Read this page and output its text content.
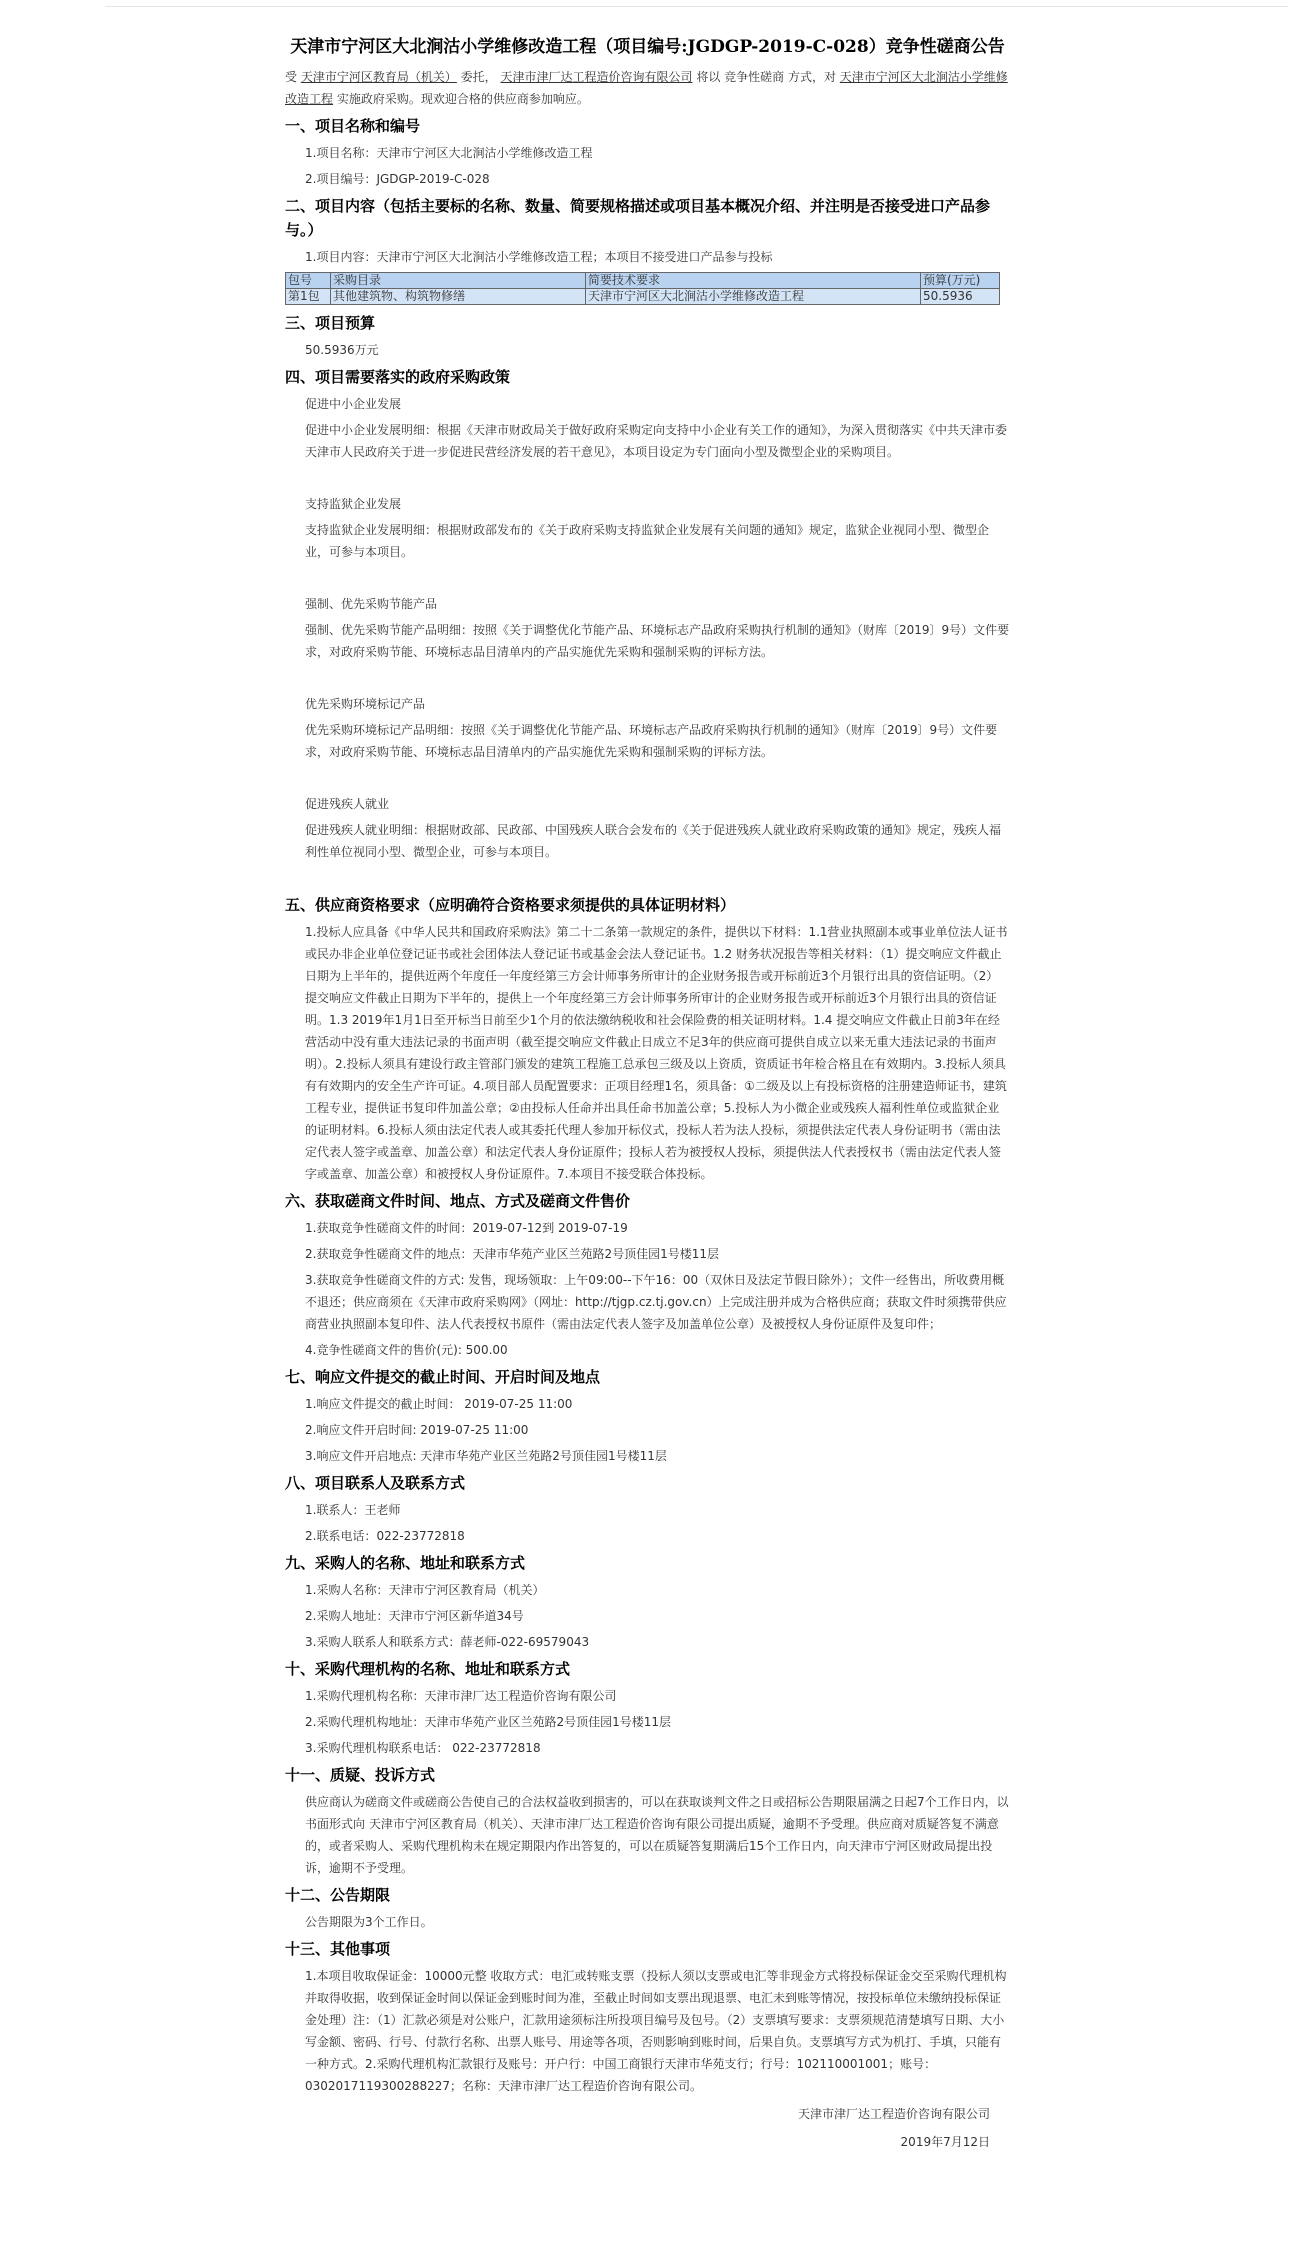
天津市宁河区大北涧沽小学维修改造工程（项目编号:JGDGP-2019-C-028）竞争性磋商公告

受 天津市宁河区教育局（机关） 委托， 天津市津厂达工程造价咨询有限公司 将以 竞争性磋商 方式，对 天津市宁河区大北涧沽小学维修改造工程 实施政府采购。现欢迎合格的供应商参加响应。

一、项目名称和编号

1.项目名称：天津市宁河区大北涧沽小学维修改造工程

2.项目编号：JGDGP-2019-C-028

二、项目内容（包括主要标的名称、数量、简要规格描述或项目基本概况介绍、并注明是否接受进口产品参与。）

1.项目内容：天津市宁河区大北涧沽小学维修改造工程；本项目不接受进口产品参与投标

包号	采购目录	简要技术要求	预算(万元)
第1包	其他建筑物、构筑物修缮	天津市宁河区大北涧沽小学维修改造工程	50.5936
三、项目预算

50.5936万元

四、项目需要落实的政府采购政策

促进中小企业发展

促进中小企业发展明细：根据《天津市财政局关于做好政府采购定向支持中小企业有关工作的通知》，为深入贯彻落实《中共天津市委天津市人民政府关于进一步促进民营经济发展的若干意见》，本项目设定为专门面向小型及微型企业的采购项目。

支持监狱企业发展

支持监狱企业发展明细：根据财政部发布的《关于政府采购支持监狱企业发展有关问题的通知》规定，监狱企业视同小型、微型企业，可参与本项目。

强制、优先采购节能产品

强制、优先采购节能产品明细：按照《关于调整优化节能产品、环境标志产品政府采购执行机制的通知》（财库〔2019〕9号）文件要求，对政府采购节能、环境标志品目清单内的产品实施优先采购和强制采购的评标方法。

优先采购环境标记产品

优先采购环境标记产品明细：按照《关于调整优化节能产品、环境标志产品政府采购执行机制的通知》（财库〔2019〕9号）文件要求，对政府采购节能、环境标志品目清单内的产品实施优先采购和强制采购的评标方法。

促进残疾人就业

促进残疾人就业明细：根据财政部、民政部、中国残疾人联合会发布的《关于促进残疾人就业政府采购政策的通知》规定，残疾人福利性单位视同小型、微型企业，可参与本项目。

五、供应商资格要求（应明确符合资格要求须提供的具体证明材料）

1.投标人应具备《中华人民共和国政府采购法》第二十二条第一款规定的条件，提供以下材料：1.1营业执照副本或事业单位法人证书或民办非企业单位登记证书或社会团体法人登记证书或基金会法人登记证书。1.2 财务状况报告等相关材料：（1）提交响应文件截止日期为上半年的，提供近两个年度任一年度经第三方会计师事务所审计的企业财务报告或开标前近3个月银行出具的资信证明。（2）提交响应文件截止日期为下半年的，提供上一个年度经第三方会计师事务所审计的企业财务报告或开标前近3个月银行出具的资信证明。1.3 2019年1月1日至开标当日前至少1个月的依法缴纳税收和社会保险费的相关证明材料。1.4 提交响应文件截止日前3年在经营活动中没有重大违法记录的书面声明（截至提交响应文件截止日成立不足3年的供应商可提供自成立以来无重大违法记录的书面声明）。2.投标人须具有建设行政主管部门颁发的建筑工程施工总承包三级及以上资质，资质证书年检合格且在有效期内。3.投标人须具有有效期内的安全生产许可证。4.项目部人员配置要求：正项目经理1名，须具备：①二级及以上有投标资格的注册建造师证书，建筑工程专业，提供证书复印件加盖公章；②由投标人任命并出具任命书加盖公章；5.投标人为小微企业或残疾人福利性单位或监狱企业的证明材料。6.投标人须由法定代表人或其委托代理人参加开标仪式，投标人若为法人投标，须提供法定代表人身份证明书（需由法定代表人签字或盖章、加盖公章）和法定代表人身份证原件；投标人若为被授权人投标，须提供法人代表授权书（需由法定代表人签字或盖章、加盖公章）和被授权人身份证原件。7.本项目不接受联合体投标。

六、获取磋商文件时间、地点、方式及磋商文件售价

1.获取竞争性磋商文件的时间：2019-07-12到 2019-07-19

2.获取竞争性磋商文件的地点：天津市华苑产业区兰苑路2号顶佳园1号楼11层

3.获取竞争性磋商文件的方式: 发售，现场领取：上午09:00--下午16：00（双休日及法定节假日除外）；文件一经售出，所收费用概不退还；供应商须在《天津市政府采购网》（网址：http://tjgp.cz.tj.gov.cn）上完成注册并成为合格供应商；获取文件时须携带供应商营业执照副本复印件、法人代表授权书原件（需由法定代表人签字及加盖单位公章）及被授权人身份证原件及复印件；

4.竞争性磋商文件的售价(元): 500.00

七、响应文件提交的截止时间、开启时间及地点

1.响应文件提交的截止时间： 2019-07-25 11:00

2.响应文件开启时间: 2019-07-25 11:00

3.响应文件开启地点: 天津市华苑产业区兰苑路2号顶佳园1号楼11层

八、项目联系人及联系方式

1.联系人：王老师

2.联系电话：022-23772818

九、采购人的名称、地址和联系方式

1.采购人名称：天津市宁河区教育局（机关）

2.采购人地址：天津市宁河区新华道34号

3.采购人联系人和联系方式：薛老师-022-69579043

十、采购代理机构的名称、地址和联系方式

1.采购代理机构名称：天津市津厂达工程造价咨询有限公司

2.采购代理机构地址：天津市华苑产业区兰苑路2号顶佳园1号楼11层

3.采购代理机构联系电话： 022-23772818

十一、质疑、投诉方式

供应商认为磋商文件或磋商公告使自己的合法权益收到损害的，可以在获取谈判文件之日或招标公告期限届满之日起7个工作日内，以书面形式向 天津市宁河区教育局（机关）、天津市津厂达工程造价咨询有限公司提出质疑，逾期不予受理。供应商对质疑答复不满意的，或者采购人、采购代理机构未在规定期限内作出答复的，可以在质疑答复期满后15个工作日内，向天津市宁河区财政局提出投诉，逾期不予受理。

十二、公告期限

公告期限为3个工作日。

十三、其他事项

1.本项目收取保证金：10000元整 收取方式：电汇或转账支票（投标人须以支票或电汇等非现金方式将投标保证金交至采购代理机构并取得收据，收到保证金时间以保证金到账时间为准，至截止时间如支票出现退票、电汇未到账等情况，按投标单位未缴纳投标保证金处理）注：（1）汇款必须是对公账户，汇款用途须标注所投项目编号及包号。（2）支票填写要求：支票须规范清楚填写日期、大小写金额、密码、行号、付款行名称、出票人账号、用途等各项，否则影响到账时间，后果自负。支票填写方式为机打、手填，只能有一种方式。2.采购代理机构汇款银行及账号：开户行：中国工商银行天津市华苑支行；行号：102110001001；账号：0302017119300288227；名称：天津市津厂达工程造价咨询有限公司。

天津市津厂达工程造价咨询有限公司
2019年7月12日
